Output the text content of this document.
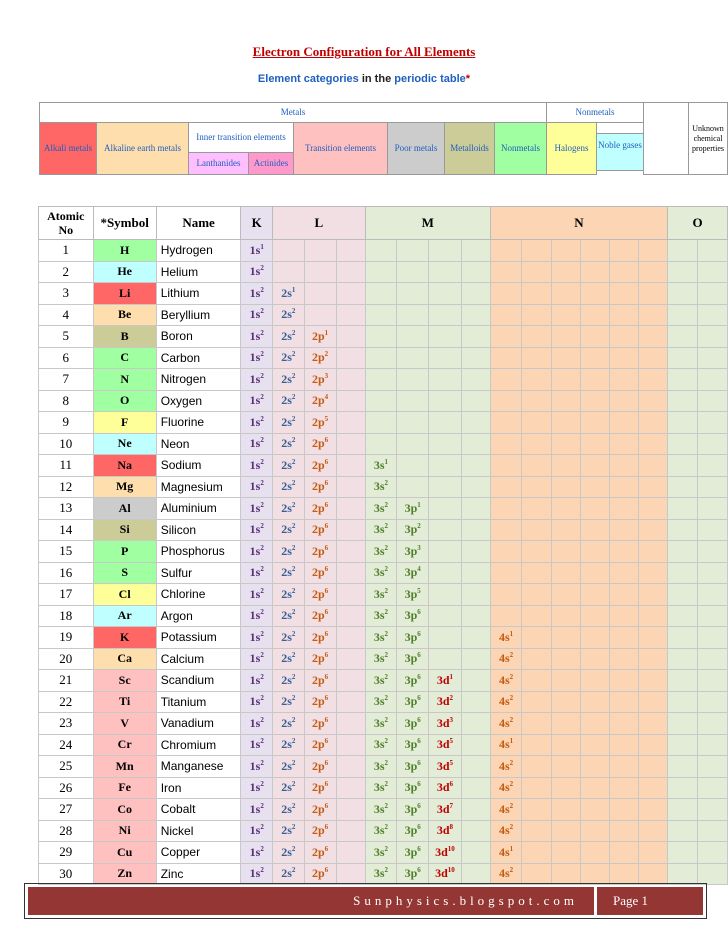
Electron Configuration for All Elements
Element categories in the periodic table*
Metals								Nonmetals		Unknown chemical properties
Alkali metals	Alkaline earth metals	Inner transition elements		Transition elements	Poor metals	Metalloids	Nonmetals	Halogens		
		Lanthanides	Actinides							
Noble gases
Atomic No	*Symbol	Name	K	L			M				N						O	
1	H	Hydrogen	$1s^1$															
2	He	Helium	$1s^2$															
3	Li	Lithium	$1s^2$	$2s^1$														
4	Be	Beryllium	$1s^2$	$2s^2$														
5	B	Boron	$1s^2$	$2s^2$	$2p^1$													
6	C	Carbon	$1s^2$	$2s^2$	$2p^2$													
7	N	Nitrogen	$1s^2$	$2s^2$	$2p^3$													
8	O	Oxygen	$1s^2$	$2s^2$	$2p^4$													
9	F	Fluorine	$1s^2$	$2s^2$	$2p^5$													
10	Ne	Neon	$1s^2$	$2s^2$	$2p^6$													
11	Na	Sodium	$1s^2$	$2s^2$	$2p^6$		$3s^1$											
12	Mg	Magnesium	$1s^2$	$2s^2$	$2p^6$		$3s^2$											
13	Al	Aluminium	$1s^2$	$2s^2$	$2p^6$		$3s^2$	$3p^1$										
14	Si	Silicon	$1s^2$	$2s^2$	$2p^6$		$3s^2$	$3p^2$										
15	P	Phosphorus	$1s^2$	$2s^2$	$2p^6$		$3s^2$	$3p^3$										
16	S	Sulfur	$1s^2$	$2s^2$	$2p^6$		$3s^2$	$3p^4$										
17	Cl	Chlorine	$1s^2$	$2s^2$	$2p^6$		$3s^2$	$3p^5$										
18	Ar	Argon	$1s^2$	$2s^2$	$2p^6$		$3s^2$	$3p^6$										
19	K	Potassium	$1s^2$	$2s^2$	$2p^6$		$3s^2$	$3p^6$			$4s^1$							
20	Ca	Calcium	$1s^2$	$2s^2$	$2p^6$		$3s^2$	$3p^6$			$4s^2$							
21	Sc	Scandium	$1s^2$	$2s^2$	$2p^6$		$3s^2$	$3p^6$	$3d^1$		$4s^2$							
22	Ti	Titanium	$1s^2$	$2s^2$	$2p^6$		$3s^2$	$3p^6$	$3d^2$		$4s^2$							
23	V	Vanadium	$1s^2$	$2s^2$	$2p^6$		$3s^2$	$3p^6$	$3d^3$		$4s^2$							
24	Cr	Chromium	$1s^2$	$2s^2$	$2p^6$		$3s^2$	$3p^6$	$3d^5$		$4s^1$							
25	Mn	Manganese	$1s^2$	$2s^2$	$2p^6$		$3s^2$	$3p^6$	$3d^5$		$4s^2$							
26	Fe	Iron	$1s^2$	$2s^2$	$2p^6$		$3s^2$	$3p^6$	$3d^6$		$4s^2$							
27	Co	Cobalt	$1s^2$	$2s^2$	$2p^6$		$3s^2$	$3p^6$	$3d^7$		$4s^2$							
28	Ni	Nickel	$1s^2$	$2s^2$	$2p^6$		$3s^2$	$3p^6$	$3d^8$		$4s^2$							
29	Cu	Copper	$1s^2$	$2s^2$	$2p^6$		$3s^2$	$3p^6$	$3d^{10}$		$4s^1$							
30	Zn	Zinc	$1s^2$	$2s^2$	$2p^6$		$3s^2$	$3p^6$	$3d^{10}$		$4s^2$							
Sunphysics.blogspot.com	Page 1
